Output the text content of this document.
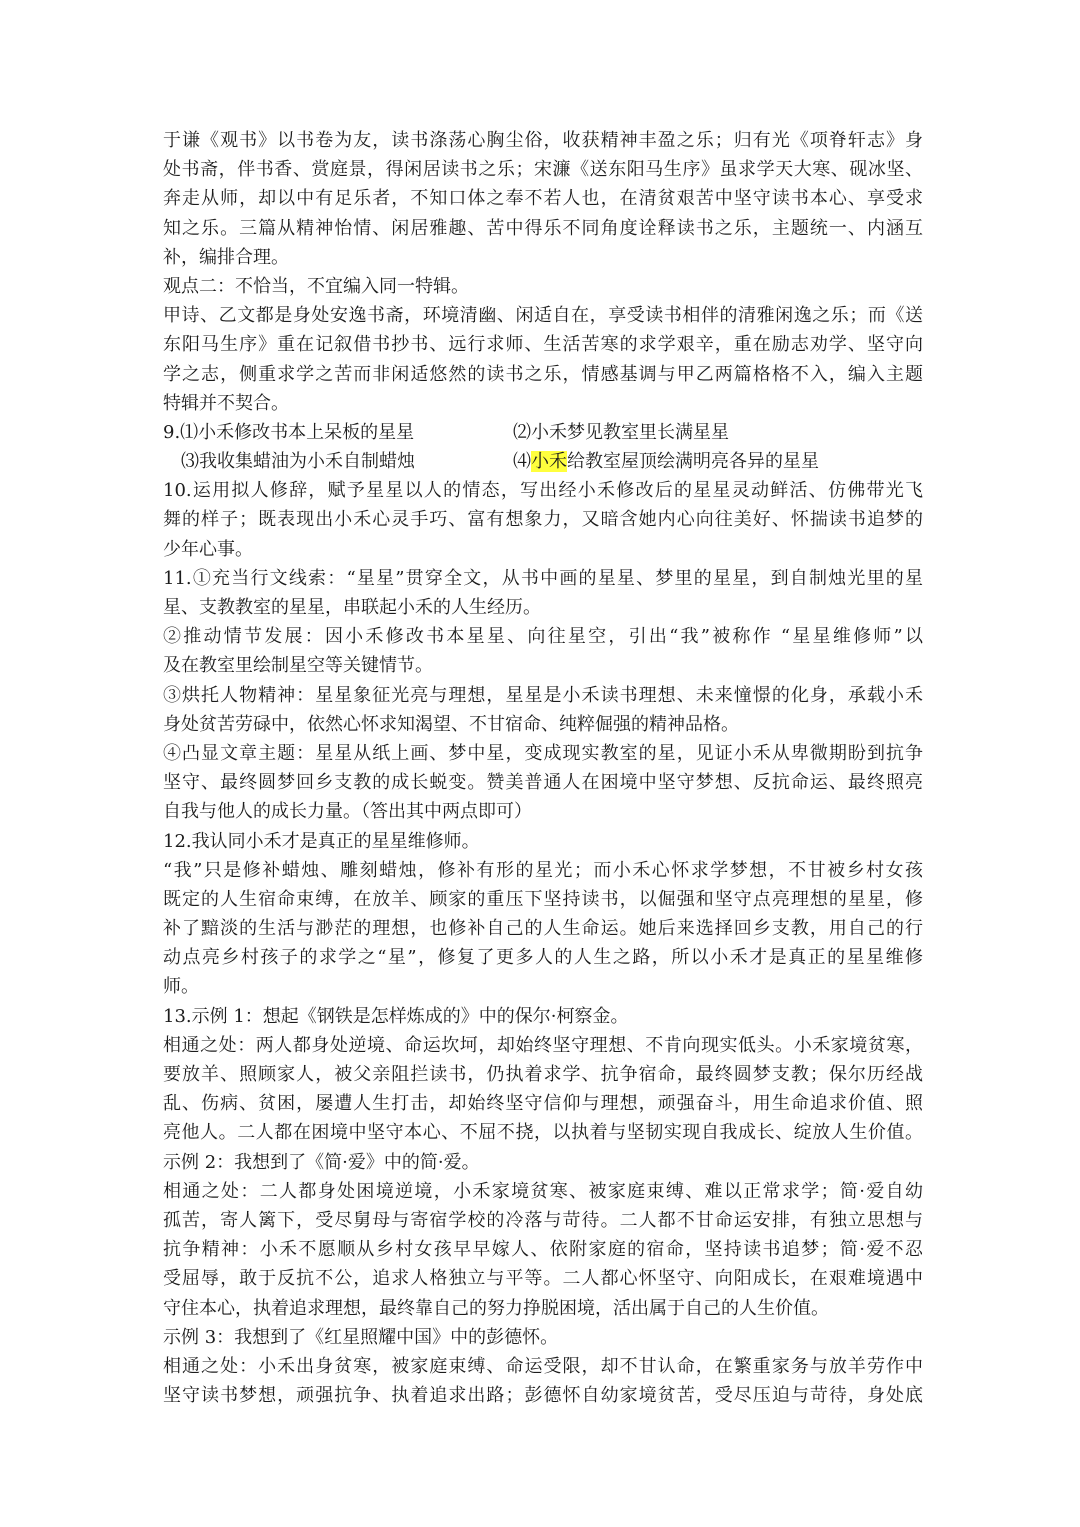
于谦《观书》以书卷为友，读书涤荡心胸尘俗，收获精神丰盈之乐；归有光《项脊轩志》身
处书斋，伴书香、赏庭景，得闲居读书之乐；宋濂《送东阳马生序》虽求学天大寒、砚冰坚、
奔走从师，却以中有足乐者，不知口体之奉不若人也，在清贫艰苦中坚守读书本心、享受求
知之乐。三篇从精神怡情、闲居雅趣、苦中得乐不同角度诠释读书之乐，主题统一、内涵互
补，编排合理。
观点二：不恰当，不宜编入同一特辑。
甲诗、乙文都是身处安逸书斋，环境清幽、闲适自在，享受读书相伴的清雅闲逸之乐；而《送
东阳马生序》重在记叙借书抄书、远行求师、生活苦寒的求学艰辛，重在励志劝学、坚守向
学之志，侧重求学之苦而非闲适悠然的读书之乐，情感基调与甲乙两篇格格不入，编入主题
特辑并不契合。
9.⑴小禾修改书本上呆板的星星	⑵小禾梦见教室里长满星星
⑶我收集蜡油为小禾自制蜡烛	⑷小禾给教室屋顶绘满明亮各异的星星
10.运用拟人修辞，赋予星星以人的情态，写出经小禾修改后的星星灵动鲜活、仿佛带光飞
舞的样子；既表现出小禾心灵手巧、富有想象力，又暗含她内心向往美好、怀揣读书追梦的
少年心事。
11.①充当行文线索：“星星”贯穿全文，从书中画的星星、梦里的星星，到自制烛光里的星
星、支教教室的星星，串联起小禾的人生经历。
②推动情节发展：因小禾修改书本星星、向往星空，引出“我”被称作 “星星维修师”以
及在教室里绘制星空等关键情节。
③烘托人物精神：星星象征光亮与理想，星星是小禾读书理想、未来憧憬的化身，承载小禾
身处贫苦劳碌中，依然心怀求知渴望、不甘宿命、纯粹倔强的精神品格。
④凸显文章主题：星星从纸上画、梦中星，变成现实教室的星，见证小禾从卑微期盼到抗争
坚守、最终圆梦回乡支教的成长蜕变。赞美普通人在困境中坚守梦想、反抗命运、最终照亮
自我与他人的成长力量。（答出其中两点即可）
12.我认同小禾才是真正的星星维修师。
“我”只是修补蜡烛、雕刻蜡烛，修补有形的星光；而小禾心怀求学梦想，不甘被乡村女孩
既定的人生宿命束缚，在放羊、顾家的重压下坚持读书，以倔强和坚守点亮理想的星星，修
补了黯淡的生活与渺茫的理想，也修补自己的人生命运。她后来选择回乡支教，用自己的行
动点亮乡村孩子的求学之“星”，修复了更多人的人生之路，所以小禾才是真正的星星维修
师。
13.示例 1：想起《钢铁是怎样炼成的》中的保尔·柯察金。
相通之处：两人都身处逆境、命运坎坷，却始终坚守理想、不肯向现实低头。小禾家境贫寒，
要放羊、照顾家人，被父亲阻拦读书，仍执着求学、抗争宿命，最终圆梦支教；保尔历经战
乱、伤病、贫困，屡遭人生打击，却始终坚守信仰与理想，顽强奋斗，用生命追求价值、照
亮他人。二人都在困境中坚守本心、不屈不挠，以执着与坚韧实现自我成长、绽放人生价值。
示例 2：我想到了《简·爱》中的简·爱。
相通之处：二人都身处困境逆境，小禾家境贫寒、被家庭束缚、难以正常求学；简·爱自幼
孤苦，寄人篱下，受尽舅母与寄宿学校的冷落与苛待。二人都不甘命运安排，有独立思想与
抗争精神：小禾不愿顺从乡村女孩早早嫁人、依附家庭的宿命，坚持读书追梦；简·爱不忍
受屈辱，敢于反抗不公，追求人格独立与平等。二人都心怀坚守、向阳成长，在艰难境遇中
守住本心，执着追求理想，最终靠自己的努力挣脱困境，活出属于自己的人生价值。
示例 3：我想到了《红星照耀中国》中的彭德怀。
相通之处：小禾出身贫寒，被家庭束缚、命运受限，却不甘认命，在繁重家务与放羊劳作中
坚守读书梦想，顽强抗争、执着追求出路；彭德怀自幼家境贫苦，受尽压迫与苛待，身处底
